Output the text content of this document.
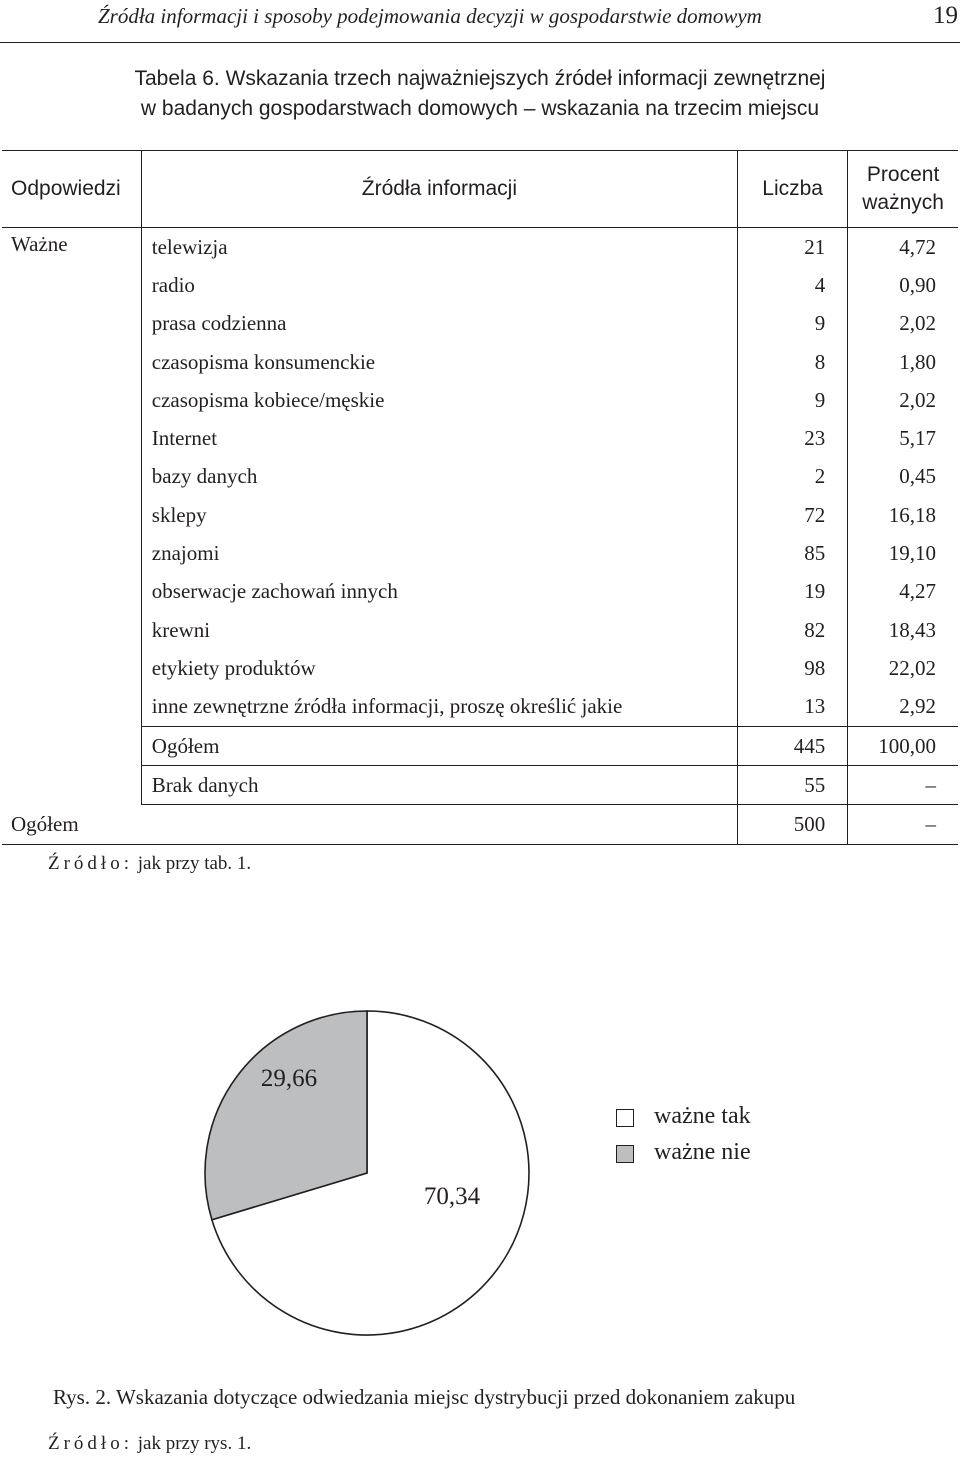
Źródła informacji i sposoby podejmowania decyzji w gospodarstwie domowym	19
Tabela 6. Wskazania trzech najważniejszych źródeł informacji zewnętrznej
w badanych gospodarstwach domowych – wskazania na trzecim miejscu
Odpowiedzi	Źródła informacji	Liczba	Procent
ważnych

Ważne	telewizja	21	4,72
	radio	4	0,90
	prasa codzienna	9	2,02
	czasopisma konsumenckie	8	1,80
	czasopisma kobiece/męskie	9	2,02
	Internet	23	5,17
	bazy danych	2	0,45
	sklepy	72	16,18
	znajomi	85	19,10
	obserwacje zachowań innych	19	4,27
	krewni	82	18,43
	etykiety produktów	98	22,02
	inne zewnętrzne źródła informacji, proszę określić jakie	13	2,92
	Ogółem	445	100,00
	Brak danych	55	–
Ogółem		500	–
Źródło: jak przy tab. 1.
70,34
29,66
ważne tak
ważne nie
Rys. 2. Wskazania dotyczące odwiedzania miejsc dystrybucji przed dokonaniem zakupu
Źródło: jak przy rys. 1.
